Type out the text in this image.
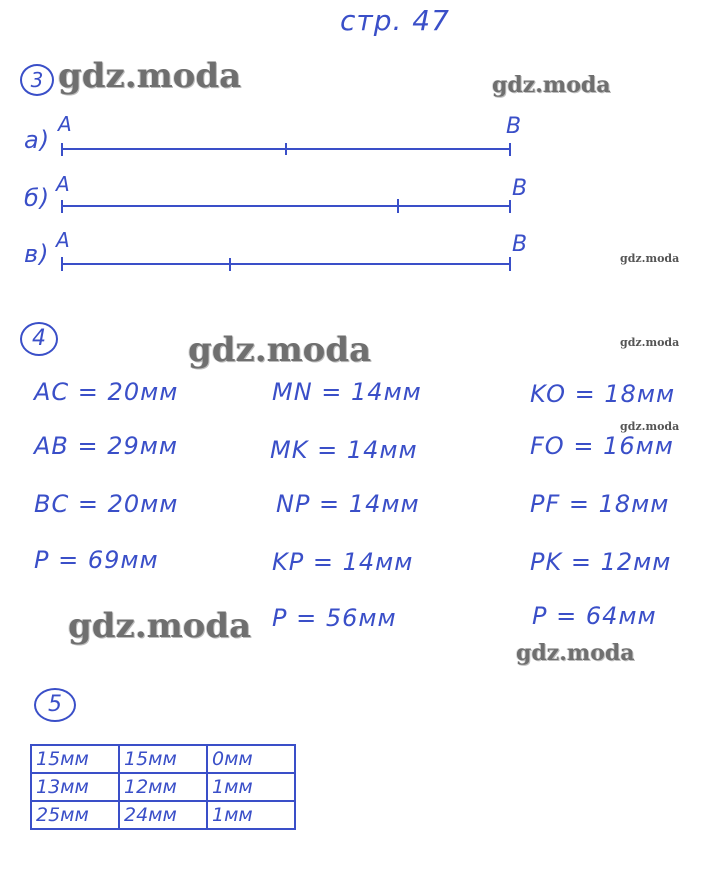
стр. 47
3
а)
A	B
б) A	B
в) A	B
4
AC = 20мм
AB = 29мм
BC = 20мм
P = 69мм
MN = 14мм
MK = 14мм
NP = 14мм
KP = 14мм
P = 56мм
KO = 18мм
FO = 16мм
PF = 18мм
PK = 12мм
P = 64мм
5
15мм	15мм	0мм
13мм	12мм	1мм
25мм	24мм	1мм
gdz.moda	gdz.moda
gdz.moda
gdz.moda	gdz.moda
gdz.moda
gdz.moda
gdz.moda
